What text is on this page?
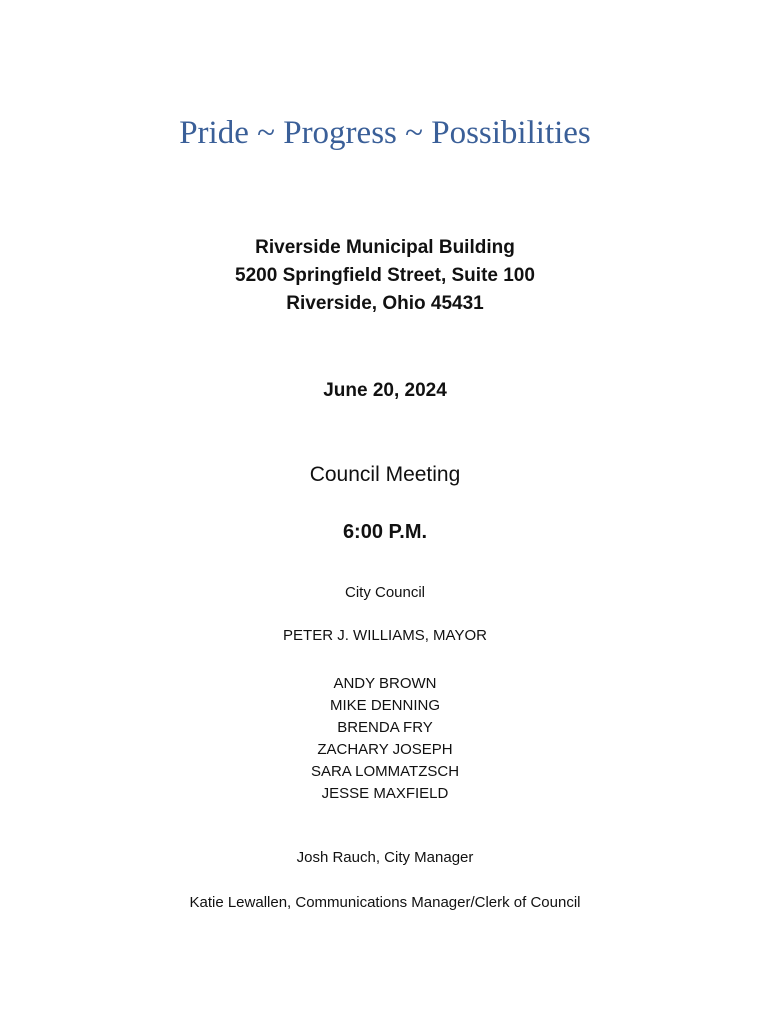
Pride ~ Progress ~ Possibilities
Riverside Municipal Building
5200 Springfield Street, Suite 100
Riverside, Ohio 45431
June 20, 2024
Council Meeting
6:00 P.M.
City Council
PETER J. WILLIAMS, MAYOR
ANDY BROWN
MIKE DENNING
BRENDA FRY
ZACHARY JOSEPH
SARA LOMMATZSCH
JESSE MAXFIELD
Josh Rauch, City Manager
Katie Lewallen, Communications Manager/Clerk of Council
